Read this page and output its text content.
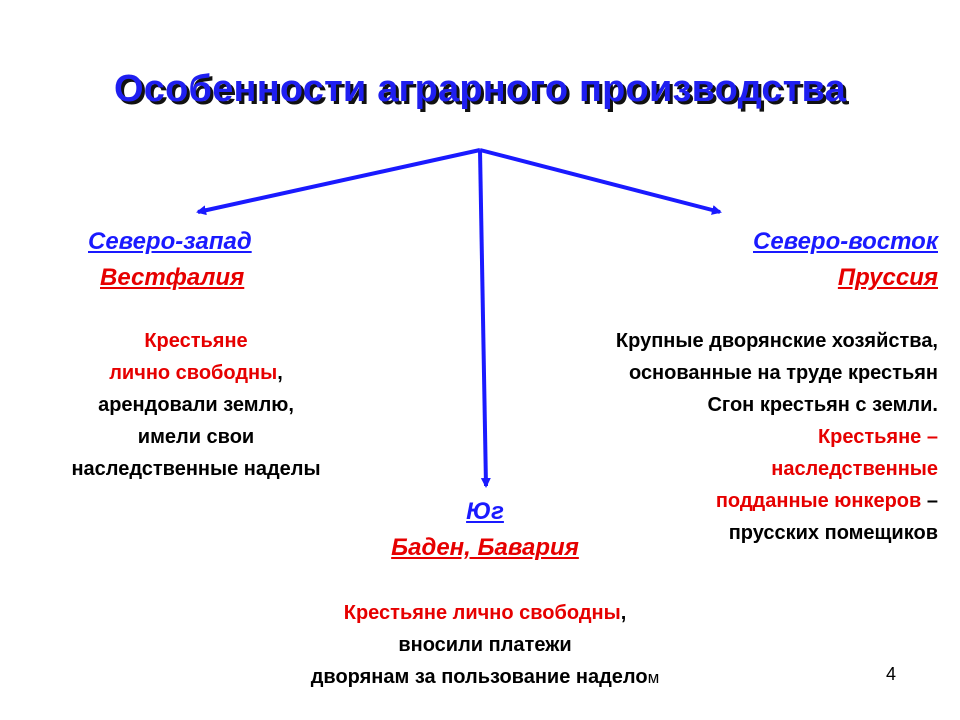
Особенности аграрного производства
Северо-запад
Вестфалия
Крестьяне
лично свободны,
арендовали землю,
имели свои
наследственные наделы
Северо-восток
Пруссия
Крупные дворянские хозяйства,
основанные на труде крестьян
Сгон крестьян с земли.
Крестьяне –
наследственные
подданные юнкеров –
прусских помещиков
Юг
Баден, Бавария
Крестьяне лично свободны,
вносили платежи
дворянам за пользование наделом	4
